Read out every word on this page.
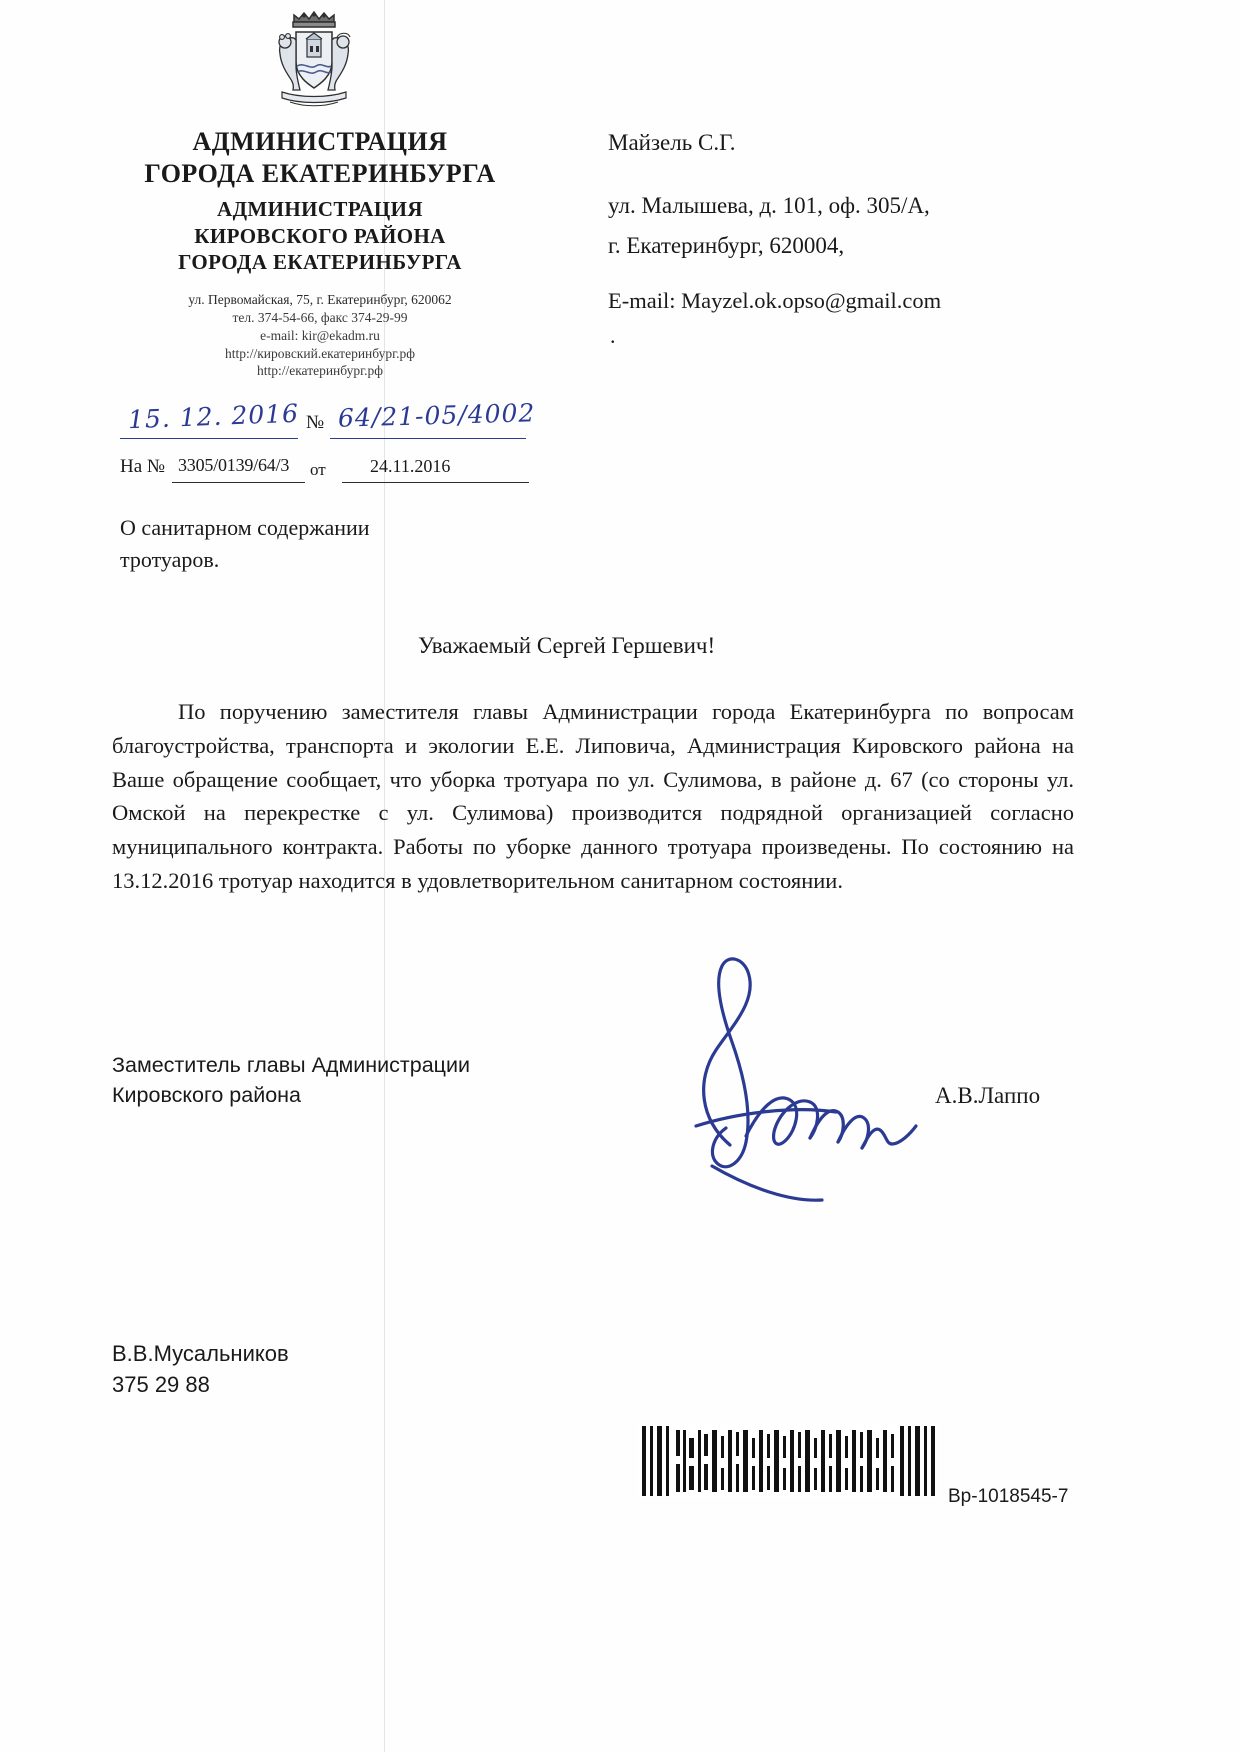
АДМИНИСТРАЦИЯ
ГОРОДА ЕКАТЕРИНБУРГА
АДМИНИСТРАЦИЯ
КИРОВСКОГО РАЙОНА
ГОРОДА ЕКАТЕРИНБУРГА
ул. Первомайская, 75, г. Екатеринбург, 620062
тел. 374-54-66, факс 374-29-99
e-mail: kir@ekadm.ru
http://кировский.екатеринбург.рф
http://екатеринбург.рф
15. 12. 2016 № 64/21-05/4002
На № 3305/0139/64/3 от 24.11.2016
О санитарном содержании
тротуаров.
Майзель С.Г.
ул. Малышева, д. 101, оф. 305/А,
г. Екатеринбург, 620004,
E-mail: Mayzel.ok.opso@gmail.com
.
Уважаемый Сергей Гершевич!

По поручению заместителя главы Администрации города Екатеринбурга по вопросам благоустройства, транспорта и экологии Е.Е. Липовича, Администрация Кировского района на Ваше обращение сообщает, что уборка тротуара по ул. Сулимова, в районе д. 67 (со стороны ул. Омской на перекрестке с ул. Сулимова) производится подрядной организацией согласно муниципального контракта. Работы по уборке данного тротуара произведены. По состоянию на 13.12.2016 тротуар находится в удовлетворительном санитарном состоянии.

Заместитель главы Администрации
Кировского района	А.В.Лаппо
В.В.Мусальников
375 29 88
Вр-1018545-7
